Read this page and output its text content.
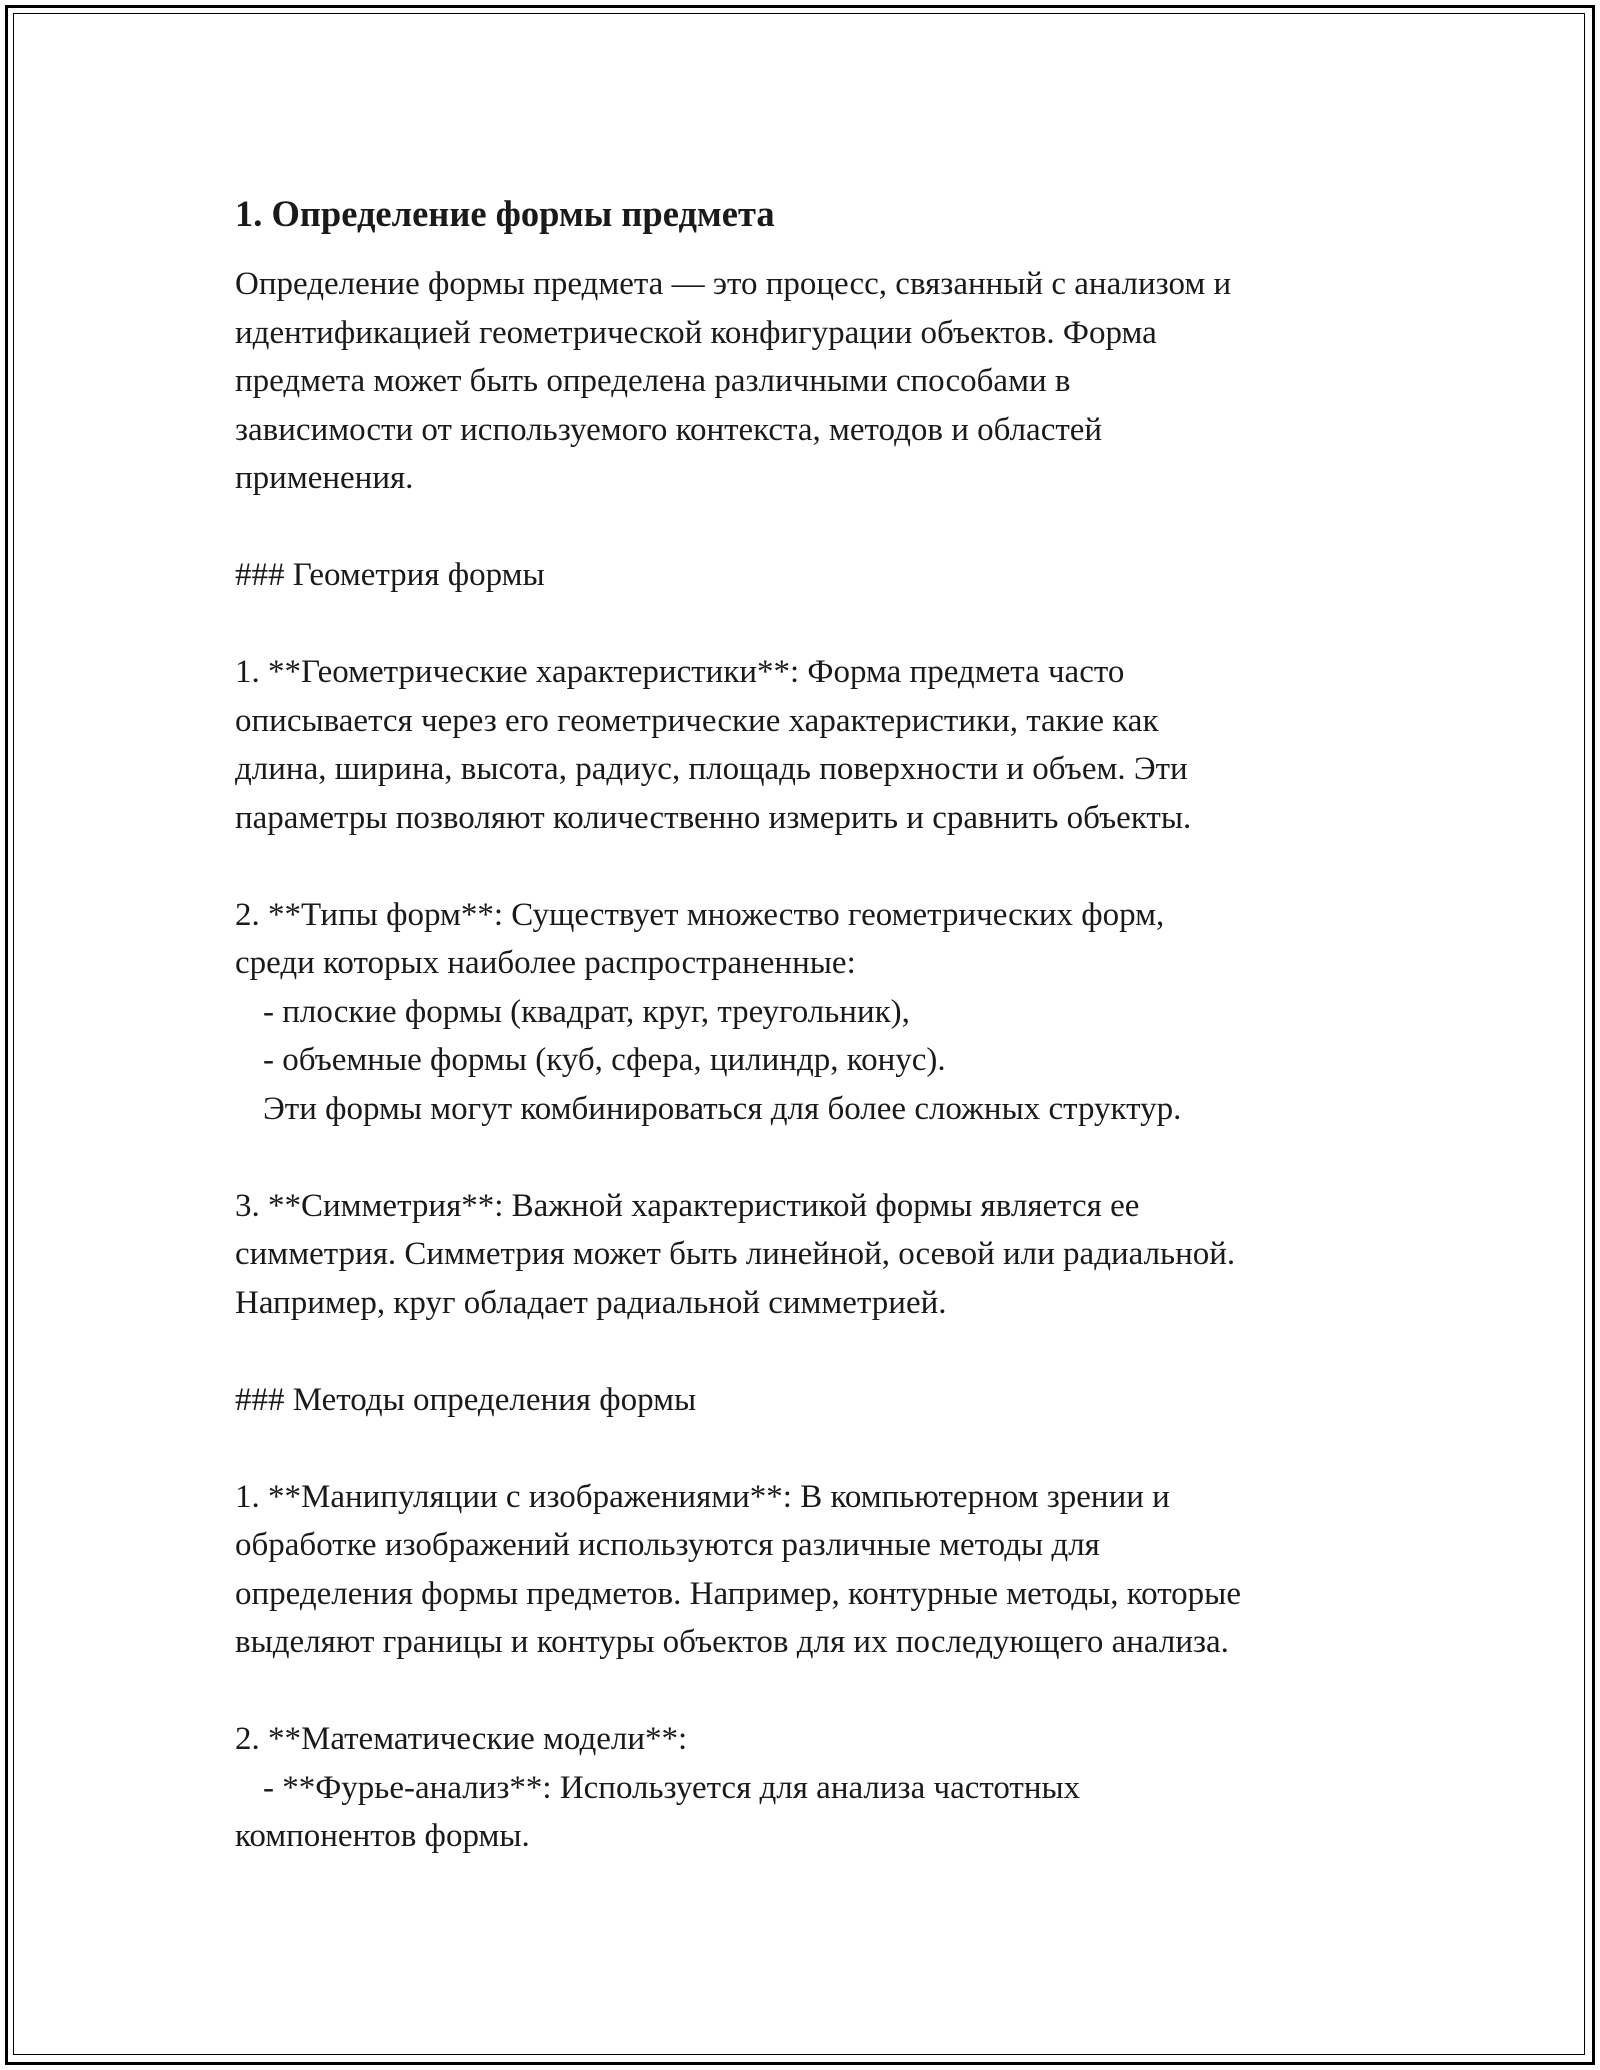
1. Определение формы предмета

Определение формы предмета — это процесс, связанный с анализом и
идентификацией геометрической конфигурации объектов. Форма
предмета может быть определена различными способами в
зависимости от используемого контекста, методов и областей
применения.

### Геометрия формы

1. **Геометрические характеристики**: Форма предмета часто
описывается через его геометрические характеристики, такие как
длина, ширина, высота, радиус, площадь поверхности и объем. Эти
параметры позволяют количественно измерить и сравнить объекты.

2. **Типы форм**: Существует множество геометрических форм,
среди которых наиболее распространенные:
- плоские формы (квадрат, круг, треугольник),
- объемные формы (куб, сфера, цилиндр, конус).
Эти формы могут комбинироваться для более сложных структур.

3. **Симметрия**: Важной характеристикой формы является ее
симметрия. Симметрия может быть линейной, осевой или радиальной.
Например, круг обладает радиальной симметрией.

### Методы определения формы

1. **Манипуляции с изображениями**: В компьютерном зрении и
обработке изображений используются различные методы для
определения формы предметов. Например, контурные методы, которые
выделяют границы и контуры объектов для их последующего анализа.

2. **Математические модели**:
- **Фурье-анализ**: Используется для анализа частотных
компонентов формы.
